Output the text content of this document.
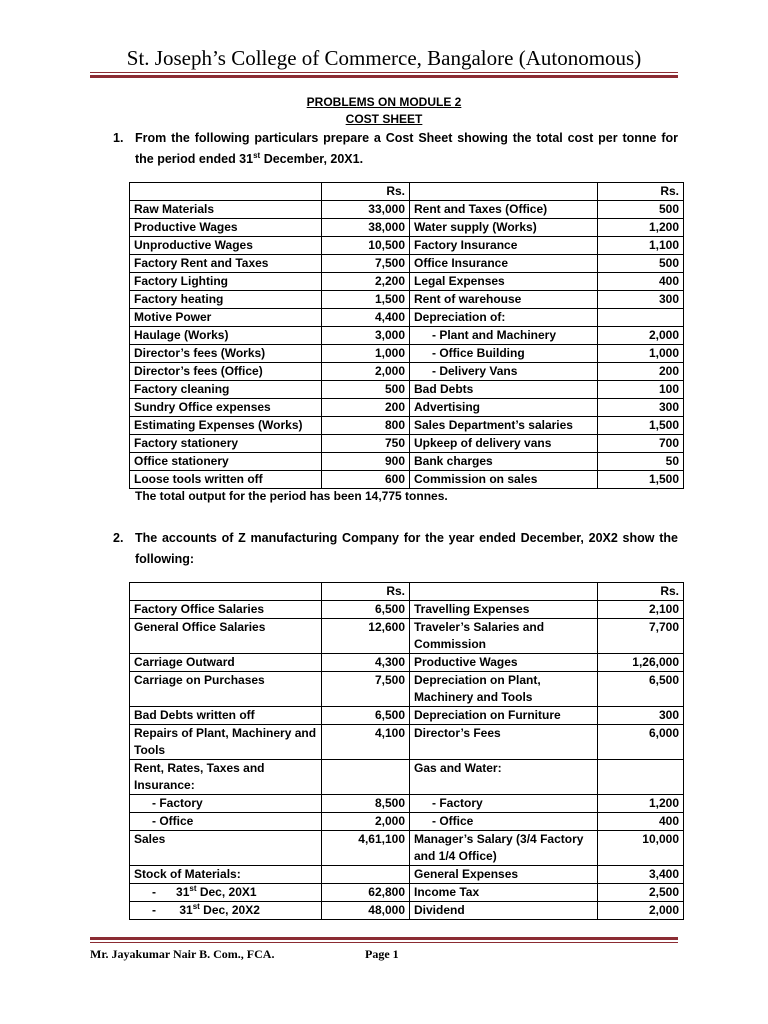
St. Joseph’s College of Commerce, Bangalore (Autonomous)
PROBLEMS ON MODULE 2
COST SHEET
1. From the following particulars prepare a Cost Sheet showing the total cost per tonne for the period ended 31st December, 20X1.
	Rs.		Rs.
Raw Materials	33,000	Rent and Taxes (Office)	500
Productive Wages	38,000	Water supply (Works)	1,200
Unproductive Wages	10,500	Factory Insurance	1,100
Factory Rent and Taxes	7,500	Office Insurance	500
Factory Lighting	2,200	Legal Expenses	400
Factory heating	1,500	Rent of warehouse	300
Motive Power	4,400	Depreciation of:	
Haulage (Works)	3,000	- Plant and Machinery	2,000
Director’s fees (Works)	1,000	- Office Building	1,000
Director’s fees (Office)	2,000	- Delivery Vans	200
Factory cleaning	500	Bad Debts	100
Sundry Office expenses	200	Advertising	300
Estimating Expenses (Works)	800	Sales Department’s salaries	1,500
Factory stationery	750	Upkeep of delivery vans	700
Office stationery	900	Bank charges	50
Loose tools written off	600	Commission on sales	1,500
The total output for the period has been 14,775 tonnes.
2. The accounts of Z manufacturing Company for the year ended December, 20X2 show the following:
	Rs.		Rs.
Factory Office Salaries	6,500	Travelling Expenses	2,100
General Office Salaries	12,600	Traveler’s Salaries and Commission	7,700
Carriage Outward	4,300	Productive Wages	1,26,000
Carriage on Purchases	7,500	Depreciation on Plant, Machinery and Tools	6,500
Bad Debts written off	6,500	Depreciation on Furniture	300
Repairs of Plant, Machinery and Tools	4,100	Director’s Fees	6,000
Rent, Rates, Taxes and Insurance:		Gas and Water:	
- Factory	8,500	- Factory	1,200
- Office	2,000	- Office	400
Sales	4,61,100	Manager’s Salary (3/4 Factory and 1/4 Office)	10,000
Stock of Materials:		General Expenses	3,400
- 31st Dec, 20X1	62,800	Income Tax	2,500
- 31st Dec, 20X2	48,000	Dividend	2,000
Mr. Jayakumar Nair B. Com., FCA.	Page 1
